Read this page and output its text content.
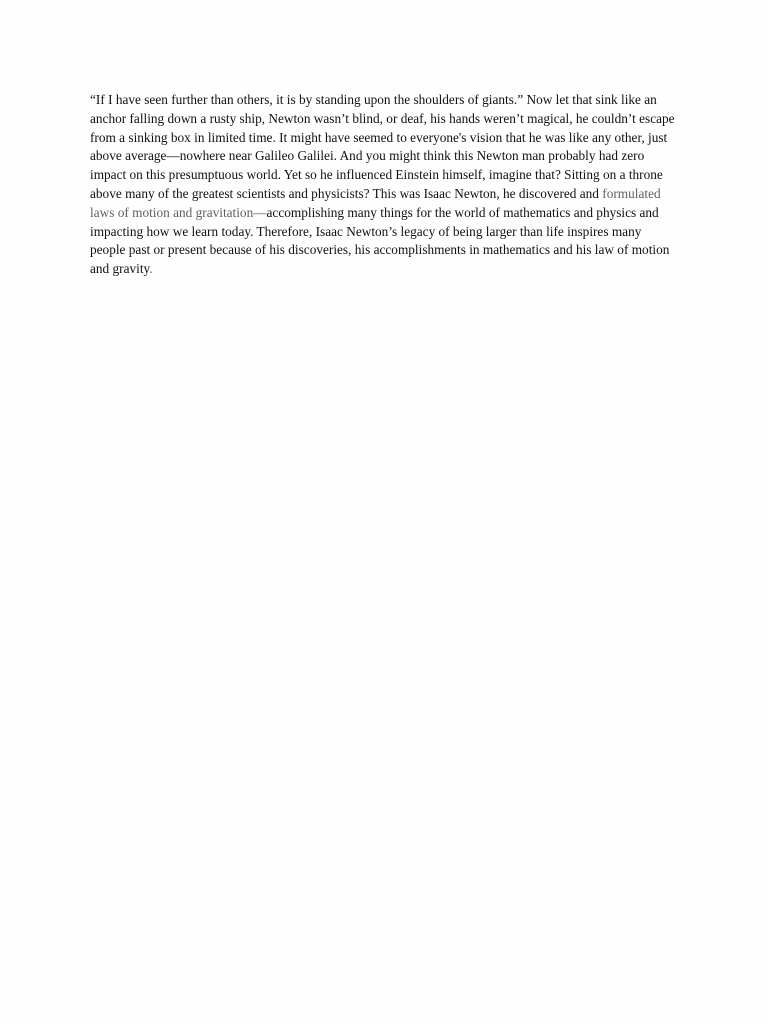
“If I have seen further than others, it is by standing upon the shoulders of giants.” Now let that sink like an anchor falling down a rusty ship, Newton wasn’t blind, or deaf, his hands weren’t magical, he couldn’t escape from a sinking box in limited time. It might have seemed to everyone's vision that he was like any other, just above average—nowhere near Galileo Galilei. And you might think this Newton man probably had zero impact on this presumptuous world. Yet so he influenced Einstein himself, imagine that? Sitting on a throne above many of the greatest scientists and physicists? This was Isaac Newton, he discovered and formulated laws of motion and gravitation—accomplishing many things for the world of mathematics and physics and impacting how we learn today. Therefore, Isaac Newton’s legacy of being larger than life inspires many people past or present because of his discoveries, his accomplishments in mathematics and his law of motion and gravity.
